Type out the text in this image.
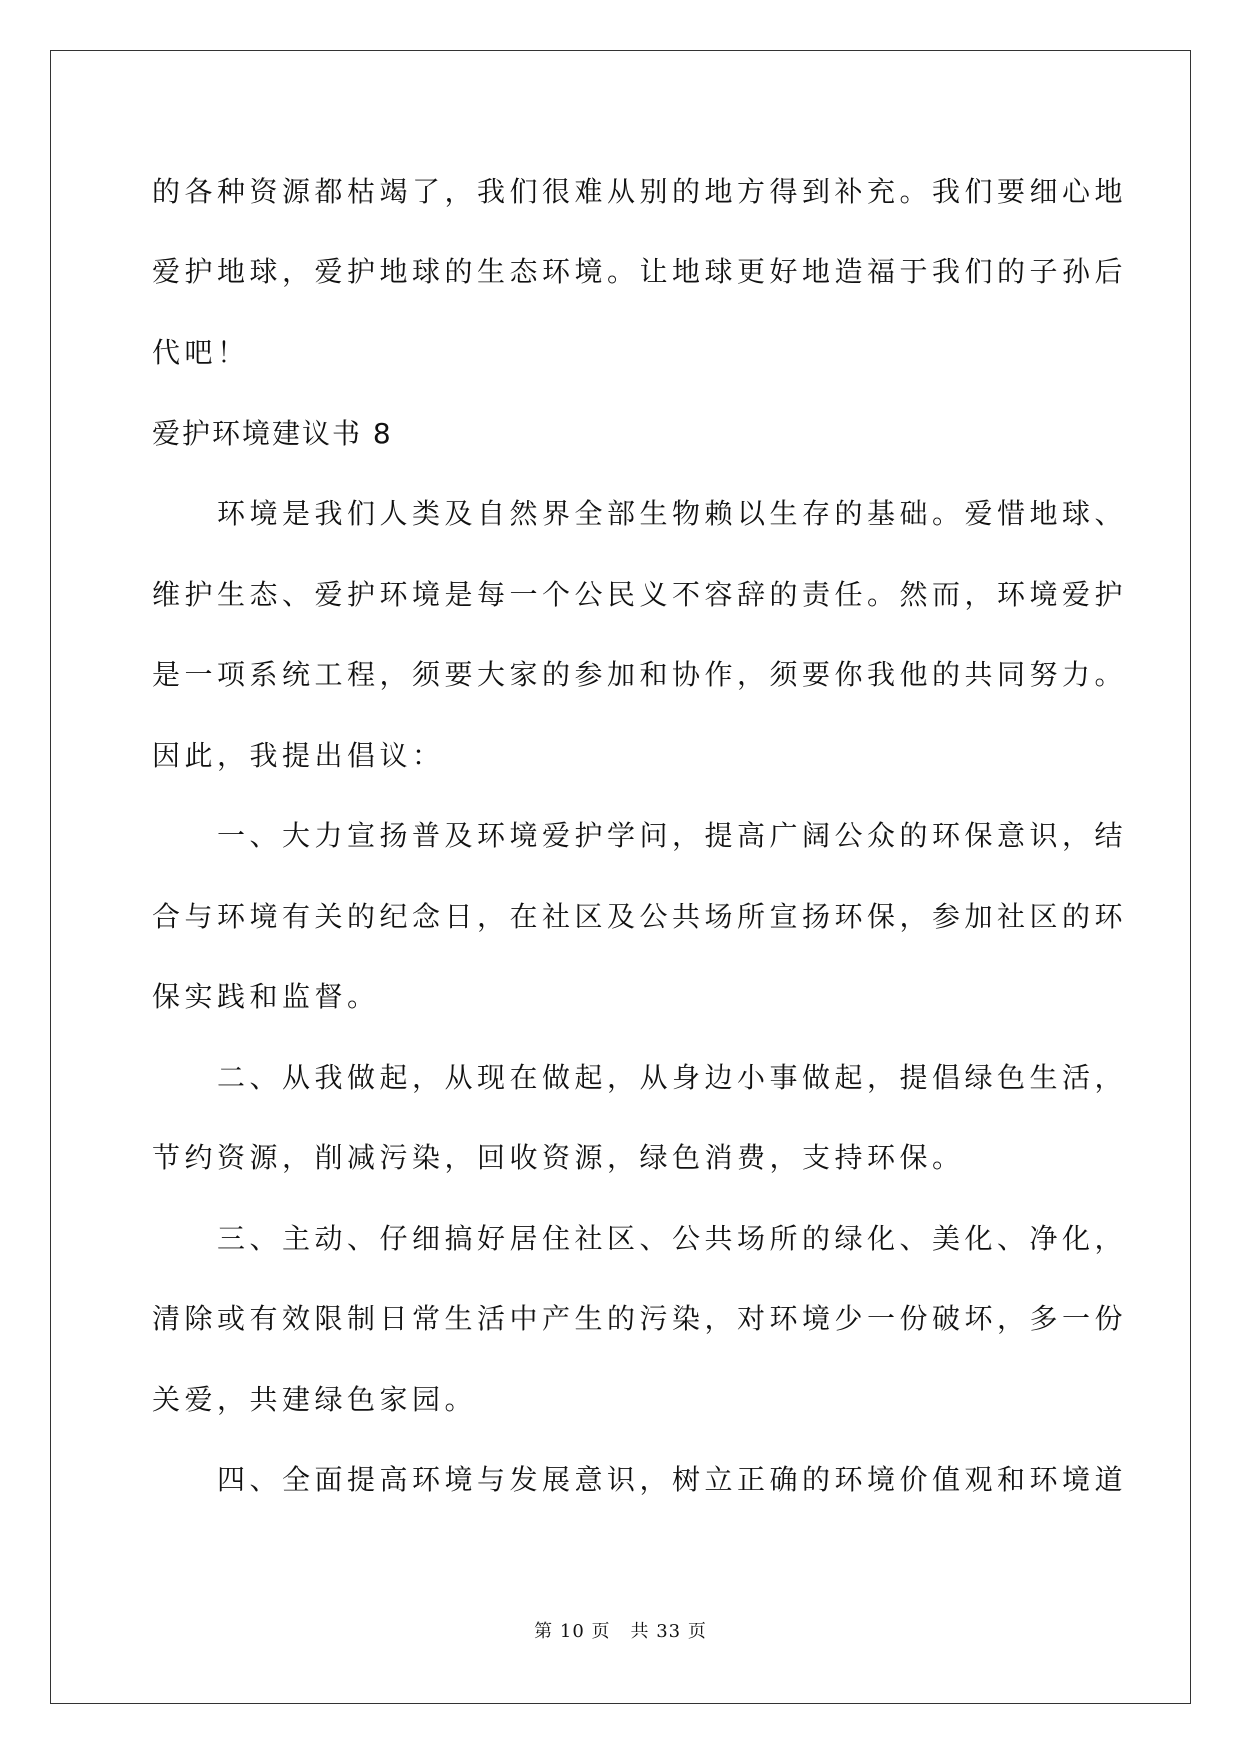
的各种资源都枯竭了，我们很难从别的地方得到补充。我们要细心地
爱护地球，爱护地球的生态环境。让地球更好地造福于我们的子孙后
代吧！
爱护环境建议书 8
　　环境是我们人类及自然界全部生物赖以生存的基础。爱惜地球、
维护生态、爱护环境是每一个公民义不容辞的责任。然而，环境爱护
是一项系统工程，须要大家的参加和协作，须要你我他的共同努力。
因此，我提出倡议：
　　一、大力宣扬普及环境爱护学问，提高广阔公众的环保意识，结
合与环境有关的纪念日，在社区及公共场所宣扬环保，参加社区的环
保实践和监督。
　　二、从我做起，从现在做起，从身边小事做起，提倡绿色生活，
节约资源，削减污染，回收资源，绿色消费，支持环保。
　　三、主动、仔细搞好居住社区、公共场所的绿化、美化、净化，
清除或有效限制日常生活中产生的污染，对环境少一份破坏，多一份
关爱，共建绿色家园。
　　四、全面提高环境与发展意识，树立正确的环境价值观和环境道
第 10 页 共 33 页
